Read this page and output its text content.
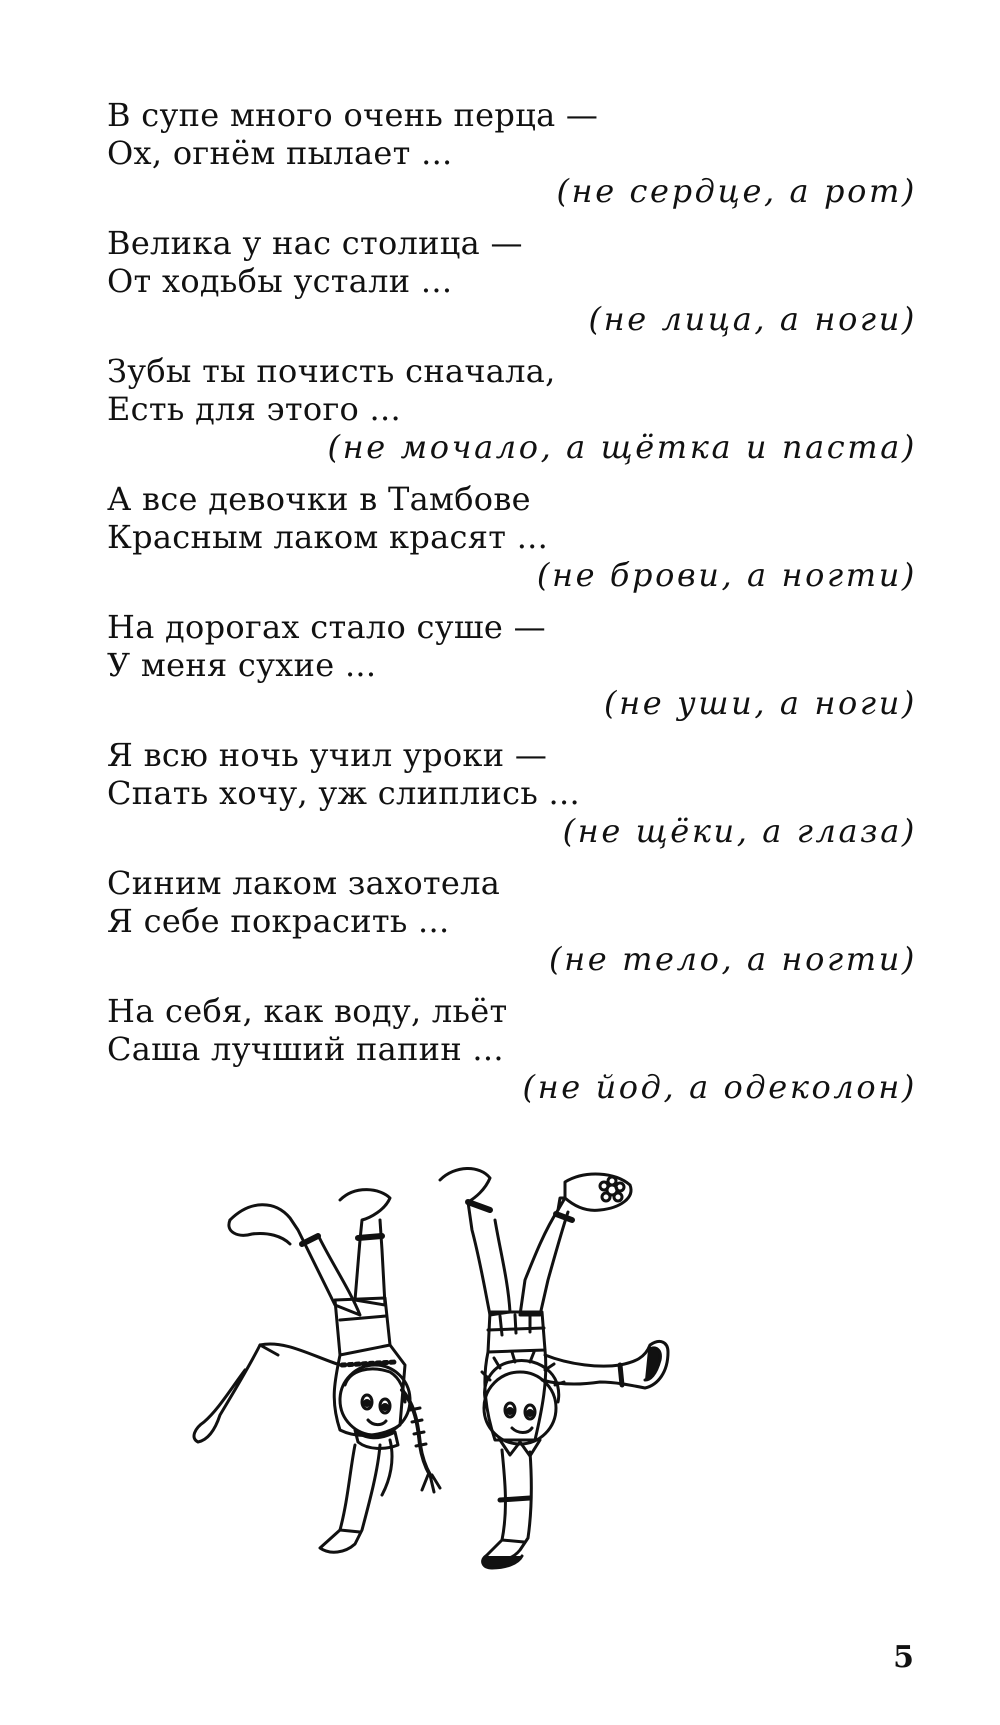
В супе много очень перца —
Ох, огнём пылает ...
(не сердце, а рот)
Велика у нас столица —
От ходьбы устали ...
(не лица, а ноги)
Зубы ты почисть сначала,
Есть для этого ...
(не мочало, а щётка и паста)
А все девочки в Тамбове
Красным лаком красят ...
(не брови, а ногти)
На дорогах стало суше —
У меня сухие ...
(не уши, а ноги)
Я всю ночь учил уроки —
Спать хочу, уж слиплись ...
(не щёки, а глаза)
Синим лаком захотела
Я себе покрасить ...
(не тело, а ногти)
На себя, как воду, льёт
Саша лучший папин ...
(не йод, а одеколон)
5
